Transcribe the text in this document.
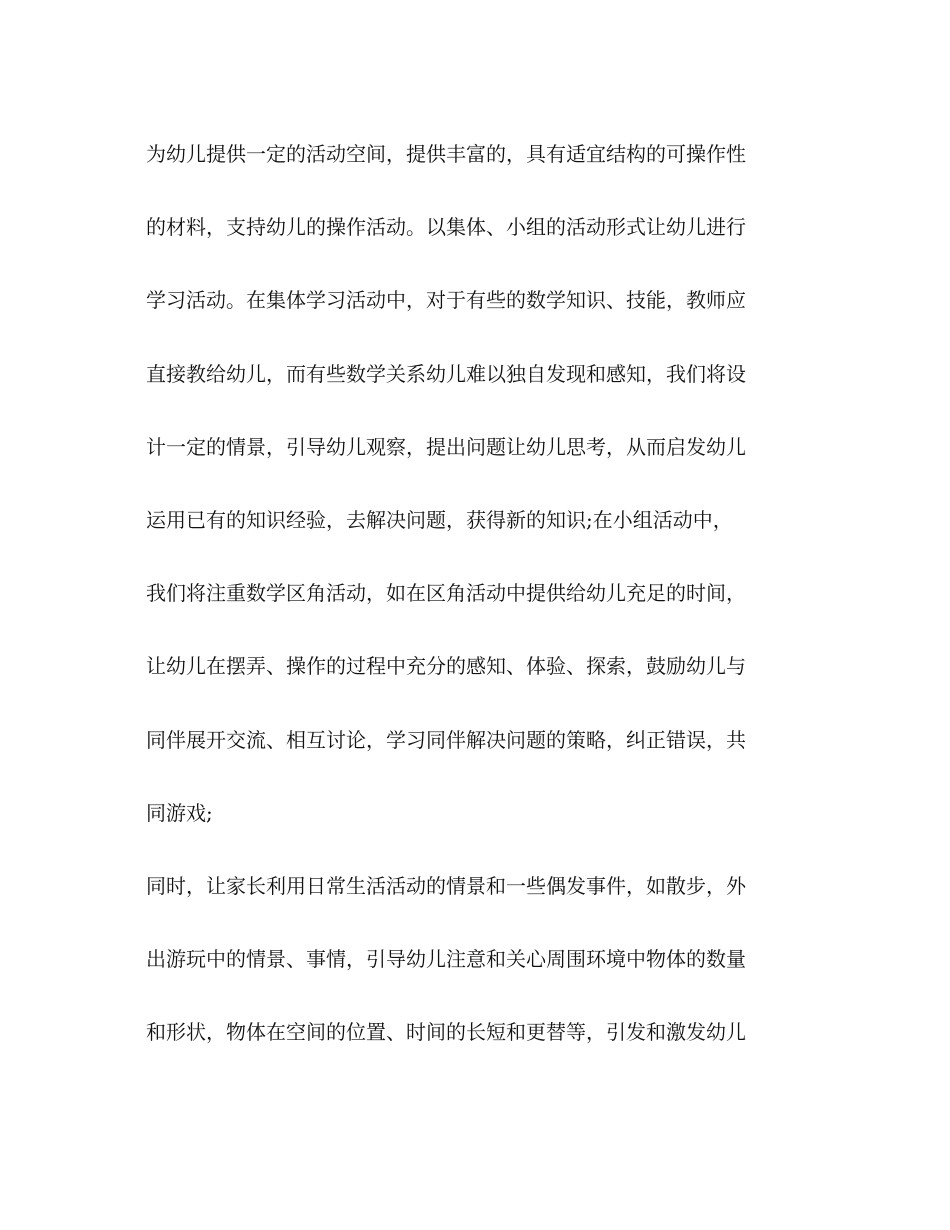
为幼儿提供一定的活动空间，提供丰富的，具有适宜结构的可操作性
的材料，支持幼儿的操作活动。以集体、小组的活动形式让幼儿进行
学习活动。在集体学习活动中，对于有些的数学知识、技能，教师应
直接教给幼儿，而有些数学关系幼儿难以独自发现和感知，我们将设
计一定的情景，引导幼儿观察，提出问题让幼儿思考，从而启发幼儿
运用已有的知识经验，去解决问题，获得新的知识;在小组活动中，
我们将注重数学区角活动，如在区角活动中提供给幼儿充足的时间，
让幼儿在摆弄、操作的过程中充分的感知、体验、探索，鼓励幼儿与
同伴展开交流、相互讨论，学习同伴解决问题的策略，纠正错误，共
同游戏;
同时，让家长利用日常生活活动的情景和一些偶发事件，如散步，外
出游玩中的情景、事情，引导幼儿注意和关心周围环境中物体的数量
和形状，物体在空间的位置、时间的长短和更替等，引发和激发幼儿
